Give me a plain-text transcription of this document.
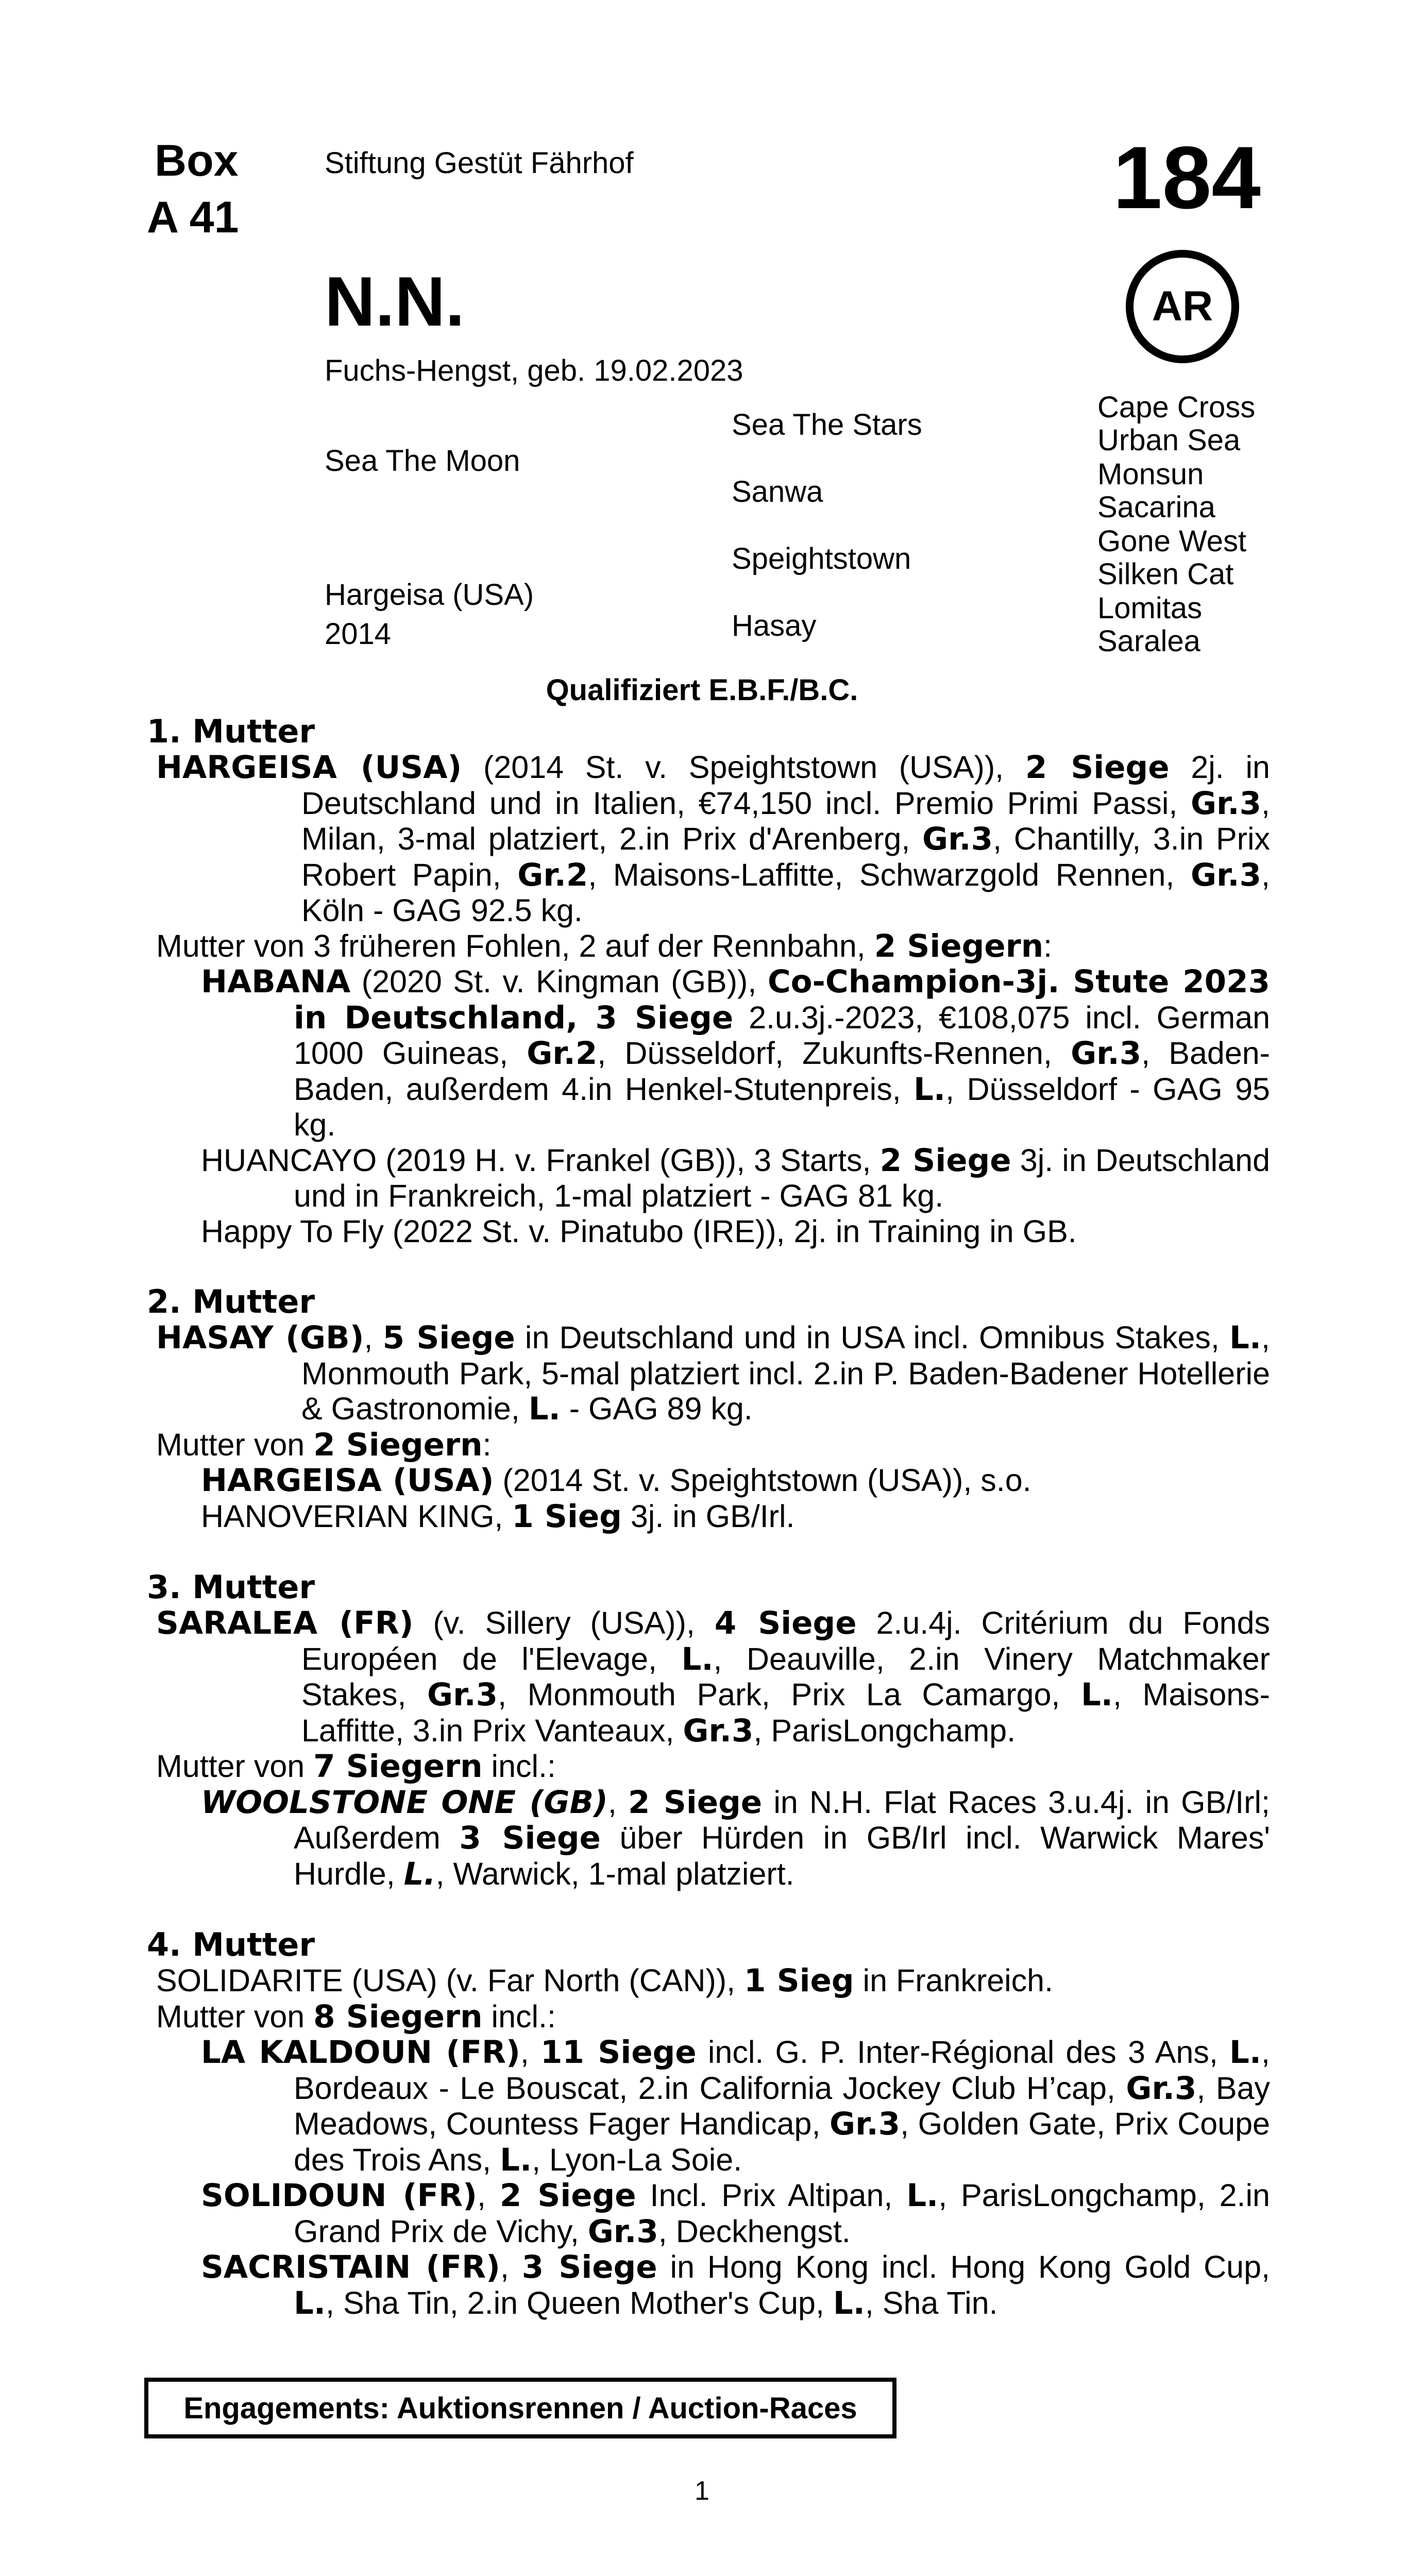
Box
A 41
Stiftung Gestüt Fährhof	184
AR
N.N.
Fuchs-Hengst, geb. 19.02.2023
Sea The Moon
Hargeisa (USA)
2014
Sea The Stars
Sanwa
Speightstown
Hasay
Cape Cross
Urban Sea
Monsun
Sacarina
Gone West
Silken Cat
Lomitas
Saralea
Qualifiziert E.B.F./B.C.
1. Mutter

HARGEISA (USA) (2014 St. v. Speightstown (USA)), 2 Siege 2j. in Deutschland und in Italien, €74,150 incl. Premio Primi Passi, Gr.3, Milan, 3-mal platziert, 2.in Prix d'Arenberg, Gr.3, Chantilly, 3.in Prix Robert Papin, Gr.2, Maisons-Laffitte, Schwarzgold Rennen, Gr.3, Köln - GAG 92.5 kg.

Mutter von 3 früheren Fohlen, 2 auf der Rennbahn, 2 Siegern:

HABANA (2020 St. v. Kingman (GB)), Co-Champion-3j. Stute 2023 in Deutschland, 3 Siege 2.u.3j.-2023, €108,075 incl. German 1000 Guineas, Gr.2, Düsseldorf, Zukunfts-Rennen, Gr.3, Baden-Baden, außerdem 4.in Henkel-Stutenpreis, L., Düsseldorf - GAG 95 kg.

HUANCAYO (2019 H. v. Frankel (GB)), 3 Starts, 2 Siege 3j. in Deutschland und in Frankreich, 1-mal platziert - GAG 81 kg.

Happy To Fly (2022 St. v. Pinatubo (IRE)), 2j. in Training in GB.

2. Mutter

HASAY (GB), 5 Siege in Deutschland und in USA incl. Omnibus Stakes, L., Monmouth Park, 5-mal platziert incl. 2.in P. Baden-Badener Hotellerie & Gastronomie, L. - GAG 89 kg.

Mutter von 2 Siegern:

HARGEISA (USA) (2014 St. v. Speightstown (USA)), s.o.

HANOVERIAN KING, 1 Sieg 3j. in GB/Irl.

3. Mutter

SARALEA (FR) (v. Sillery (USA)), 4 Siege 2.u.4j. Critérium du Fonds Européen de l'Elevage, L., Deauville, 2.in Vinery Matchmaker Stakes, Gr.3, Monmouth Park, Prix La Camargo, L., Maisons-Laffitte, 3.in Prix Vanteaux, Gr.3, ParisLongchamp.

Mutter von 7 Siegern incl.:

WOOLSTONE ONE (GB), 2 Siege in N.H. Flat Races 3.u.4j. in GB/Irl; Außerdem 3 Siege über Hürden in GB/Irl incl. Warwick Mares' Hurdle, L., Warwick, 1-mal platziert.

4. Mutter

SOLIDARITE (USA) (v. Far North (CAN)), 1 Sieg in Frankreich.

Mutter von 8 Siegern incl.:

LA KALDOUN (FR), 11 Siege incl. G. P. Inter-Régional des 3 Ans, L., Bordeaux - Le Bouscat, 2.in California Jockey Club H’cap, Gr.3, Bay Meadows, Countess Fager Handicap, Gr.3, Golden Gate, Prix Coupe des Trois Ans, L., Lyon-La Soie.

SOLIDOUN (FR), 2 Siege Incl. Prix Altipan, L., ParisLongchamp, 2.in Grand Prix de Vichy, Gr.3, Deckhengst.

SACRISTAIN (FR), 3 Siege in Hong Kong incl. Hong Kong Gold Cup, L., Sha Tin, 2.in Queen Mother's Cup, L., Sha Tin.

Engagements: Auktionsrennen / Auction-Races
1
